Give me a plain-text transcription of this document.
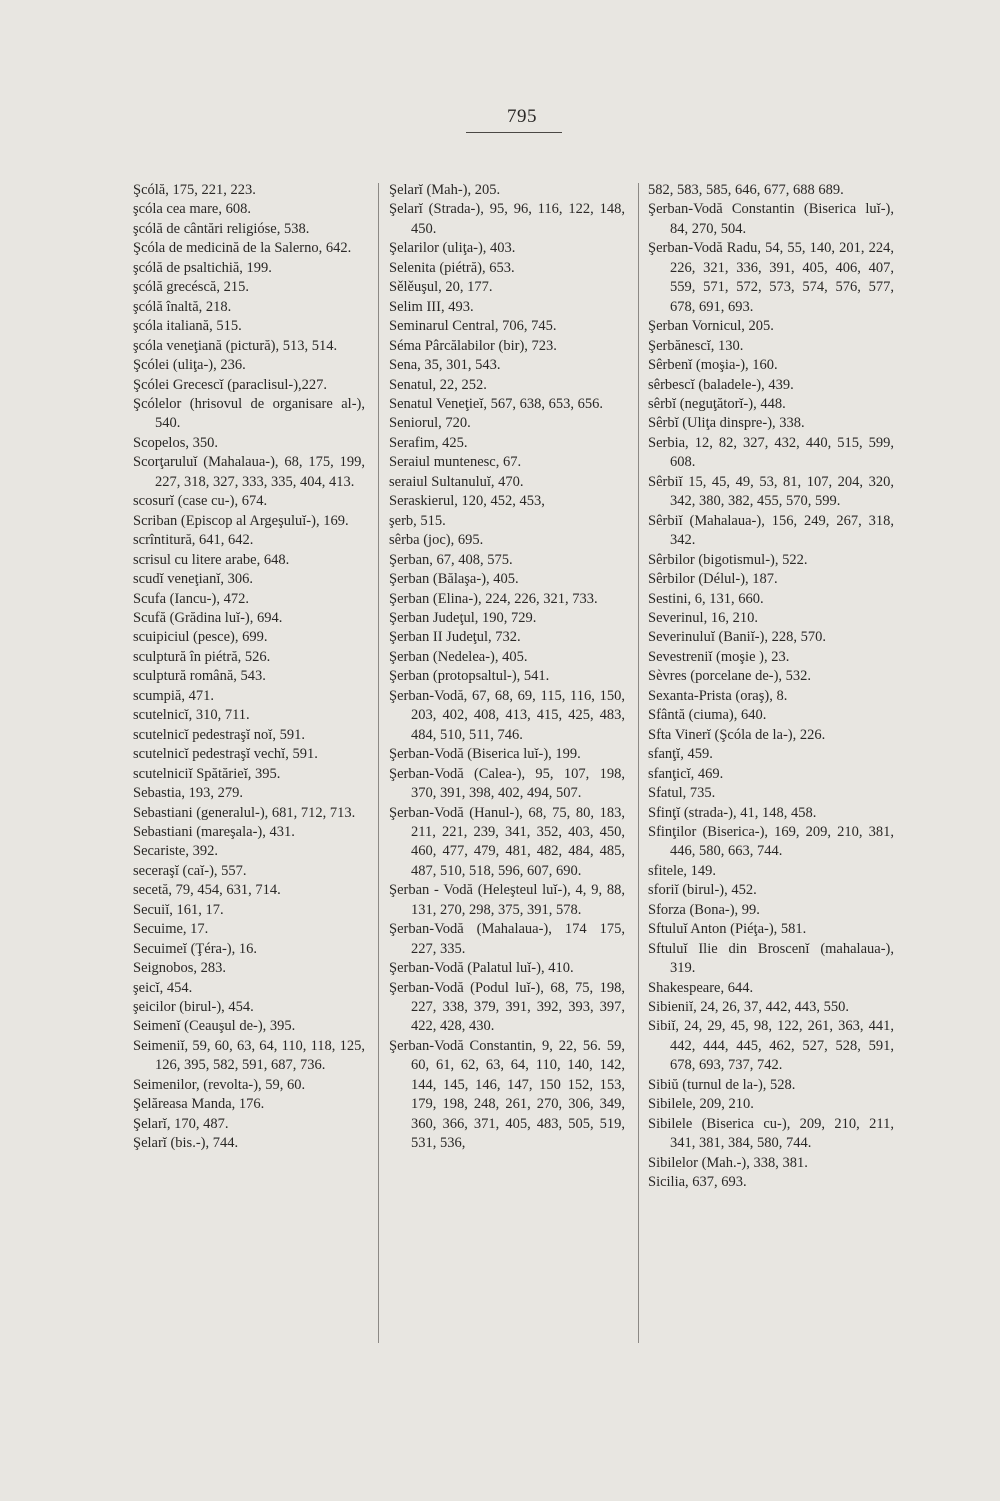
795
Şcólă, 175, 221, 223.
şcóla cea mare, 608.
şcólă de cântări religióse, 538.
Şcóla de medicină de la Salerno, 642.
şcólă de psaltichiă, 199.
şcólă grecéscă, 215.
şcólă înaltă, 218.
şcóla italiană, 515.
şcóla veneţiană (pictură), 513, 514.
Şcólei (uliţa-), 236.
Şcólei Grecescĭ (paraclisul-),227.
Şcólelor (hrisovul de organisare al-), 540.
Scopelos, 350.
Scorţaruluĭ (Mahalaua-), 68, 175, 199, 227, 318, 327, 333, 335, 404, 413.
scosurĭ (case cu-), 674.
Scriban (Episcop al Argeşuluĭ-), 169.
scrîntitură, 641, 642.
scrisul cu litere arabe, 648.
scudĭ veneţianĭ, 306.
Scufa (Iancu-), 472.
Scufă (Grădina luĭ-), 694.
scuipiciul (pesce), 699.
sculptură în piétră, 526.
sculptură română, 543.
scumpiă, 471.
scutelnicĭ, 310, 711.
scutelnicĭ pedestraşĭ noĭ, 591.
scutelnicĭ pedestraşĭ vechĭ, 591.
scutelniciĭ Spătărieĭ, 395.
Sebastia, 193, 279.
Sebastiani (generalul-), 681, 712, 713.
Sebastiani (mareşala-), 431.
Secariste, 392.
seceraşĭ (caĭ-), 557.
secetă, 79, 454, 631, 714.
Secuiĭ, 161, 17.
Secuime, 17.
Secuimeĭ (Ţéra-), 16.
Seignobos, 283.
şeicĭ, 454.
şeicilor (birul-), 454.
Seimenĭ (Ceauşul de-), 395.
Seimeniĭ, 59, 60, 63, 64, 110, 118, 125, 126, 395, 582, 591, 687, 736.
Seimenilor, (revolta-), 59, 60.
Şelăreasa Manda, 176.
Şelarĭ, 170, 487.
Şelarĭ (bis.-), 744.
Şelarĭ (Mah-), 205.
Şelarĭ (Strada-), 95, 96, 116, 122, 148, 450.
Şelarilor (uliţa-), 403.
Selenita (piétră), 653.
Sělěuşul, 20, 177.
Selim III, 493.
Seminarul Central, 706, 745.
Séma Pârcălabilor (bir), 723.
Sena, 35, 301, 543.
Senatul, 22, 252.
Senatul Veneţieĭ, 567, 638, 653, 656.
Seniorul, 720.
Serafim, 425.
Seraiul muntenesc, 67.
seraiul Sultanuluĭ, 470.
Seraskierul, 120, 452, 453,
şerb, 515.
sêrba (joc), 695.
Şerban, 67, 408, 575.
Şerban (Bălaşa-), 405.
Şerban (Elina-), 224, 226, 321, 733.
Şerban Judeţul, 190, 729.
Şerban II Judeţul, 732.
Şerban (Nedelea-), 405.
Şerban (protopsaltul-), 541.
Şerban-Vodă, 67, 68, 69, 115, 116, 150, 203, 402, 408, 413, 415, 425, 483, 484, 510, 511, 746.
Şerban-Vodă (Biserica luĭ-), 199.
Şerban-Vodă (Calea-), 95, 107, 198, 370, 391, 398, 402, 494, 507.
Şerban-Vodă (Hanul-), 68, 75, 80, 183, 211, 221, 239, 341, 352, 403, 450, 460, 477, 479, 481, 482, 484, 485, 487, 510, 518, 596, 607, 690.
Şerban - Vodă (Heleşteul luĭ-), 4, 9, 88, 131, 270, 298, 375, 391, 578.
Şerban-Vodă (Mahalaua-), 174 175, 227, 335.
Şerban-Vodă (Palatul luĭ-), 410.
Şerban-Vodă (Podul luĭ-), 68, 75, 198, 227, 338, 379, 391, 392, 393, 397, 422, 428, 430.
Şerban-Vodă Constantin, 9, 22, 56. 59, 60, 61, 62, 63, 64, 110, 140, 142, 144, 145, 146, 147, 150 152, 153, 179, 198, 248, 261, 270, 306, 349, 360, 366, 371, 405, 483, 505, 519, 531, 536,
582, 583, 585, 646, 677, 688 689.
Şerban-Vodă Constantin (Biserica luĭ-), 84, 270, 504.
Şerban-Vodă Radu, 54, 55, 140, 201, 224, 226, 321, 336, 391, 405, 406, 407, 559, 571, 572, 573, 574, 576, 577, 678, 691, 693.
Şerban Vornicul, 205.
Şerbănescĭ, 130.
Sêrbenĭ (moşia-), 160.
sêrbescĭ (baladele-), 439.
sêrbĭ (neguţătorĭ-), 448.
Sêrbĭ (Uliţa dinspre-), 338.
Serbia, 12, 82, 327, 432, 440, 515, 599, 608.
Sêrbiĭ 15, 45, 49, 53, 81, 107, 204, 320, 342, 380, 382, 455, 570, 599.
Sêrbiĭ (Mahalaua-), 156, 249, 267, 318, 342.
Sêrbilor (bigotismul-), 522.
Sêrbilor (Délul-), 187.
Sestini, 6, 131, 660.
Severinul, 16, 210.
Severinuluĭ (Baniĭ-), 228, 570.
Sevestreniĭ (moşie ), 23.
Sèvres (porcelane de-), 532.
Sexanta-Prista (oraş), 8.
Sfântă (ciuma), 640.
Sfta Vinerĭ (Şcóla de la-), 226.
sfanţĭ, 459.
sfanţicĭ, 469.
Sfatul, 735.
Sfinţĭ (strada-), 41, 148, 458.
Sfinţilor (Biserica-), 169, 209, 210, 381, 446, 580, 663, 744.
sfitele, 149.
sforiĭ (birul-), 452.
Sforza (Bona-), 99.
Sftuluĭ Anton (Piéţa-), 581.
Sftuluĭ Ilie din Broscenĭ (mahalaua-), 319.
Shakespeare, 644.
Sibieniĭ, 24, 26, 37, 442, 443, 550.
Sibiĭ, 24, 29, 45, 98, 122, 261, 363, 441, 442, 444, 445, 462, 527, 528, 591, 678, 693, 737, 742.
Sibiŭ (turnul de la-), 528.
Sibilele, 209, 210.
Sibilele (Biserica cu-), 209, 210, 211, 341, 381, 384, 580, 744.
Sibilelor (Mah.-), 338, 381.
Sicilia, 637, 693.
